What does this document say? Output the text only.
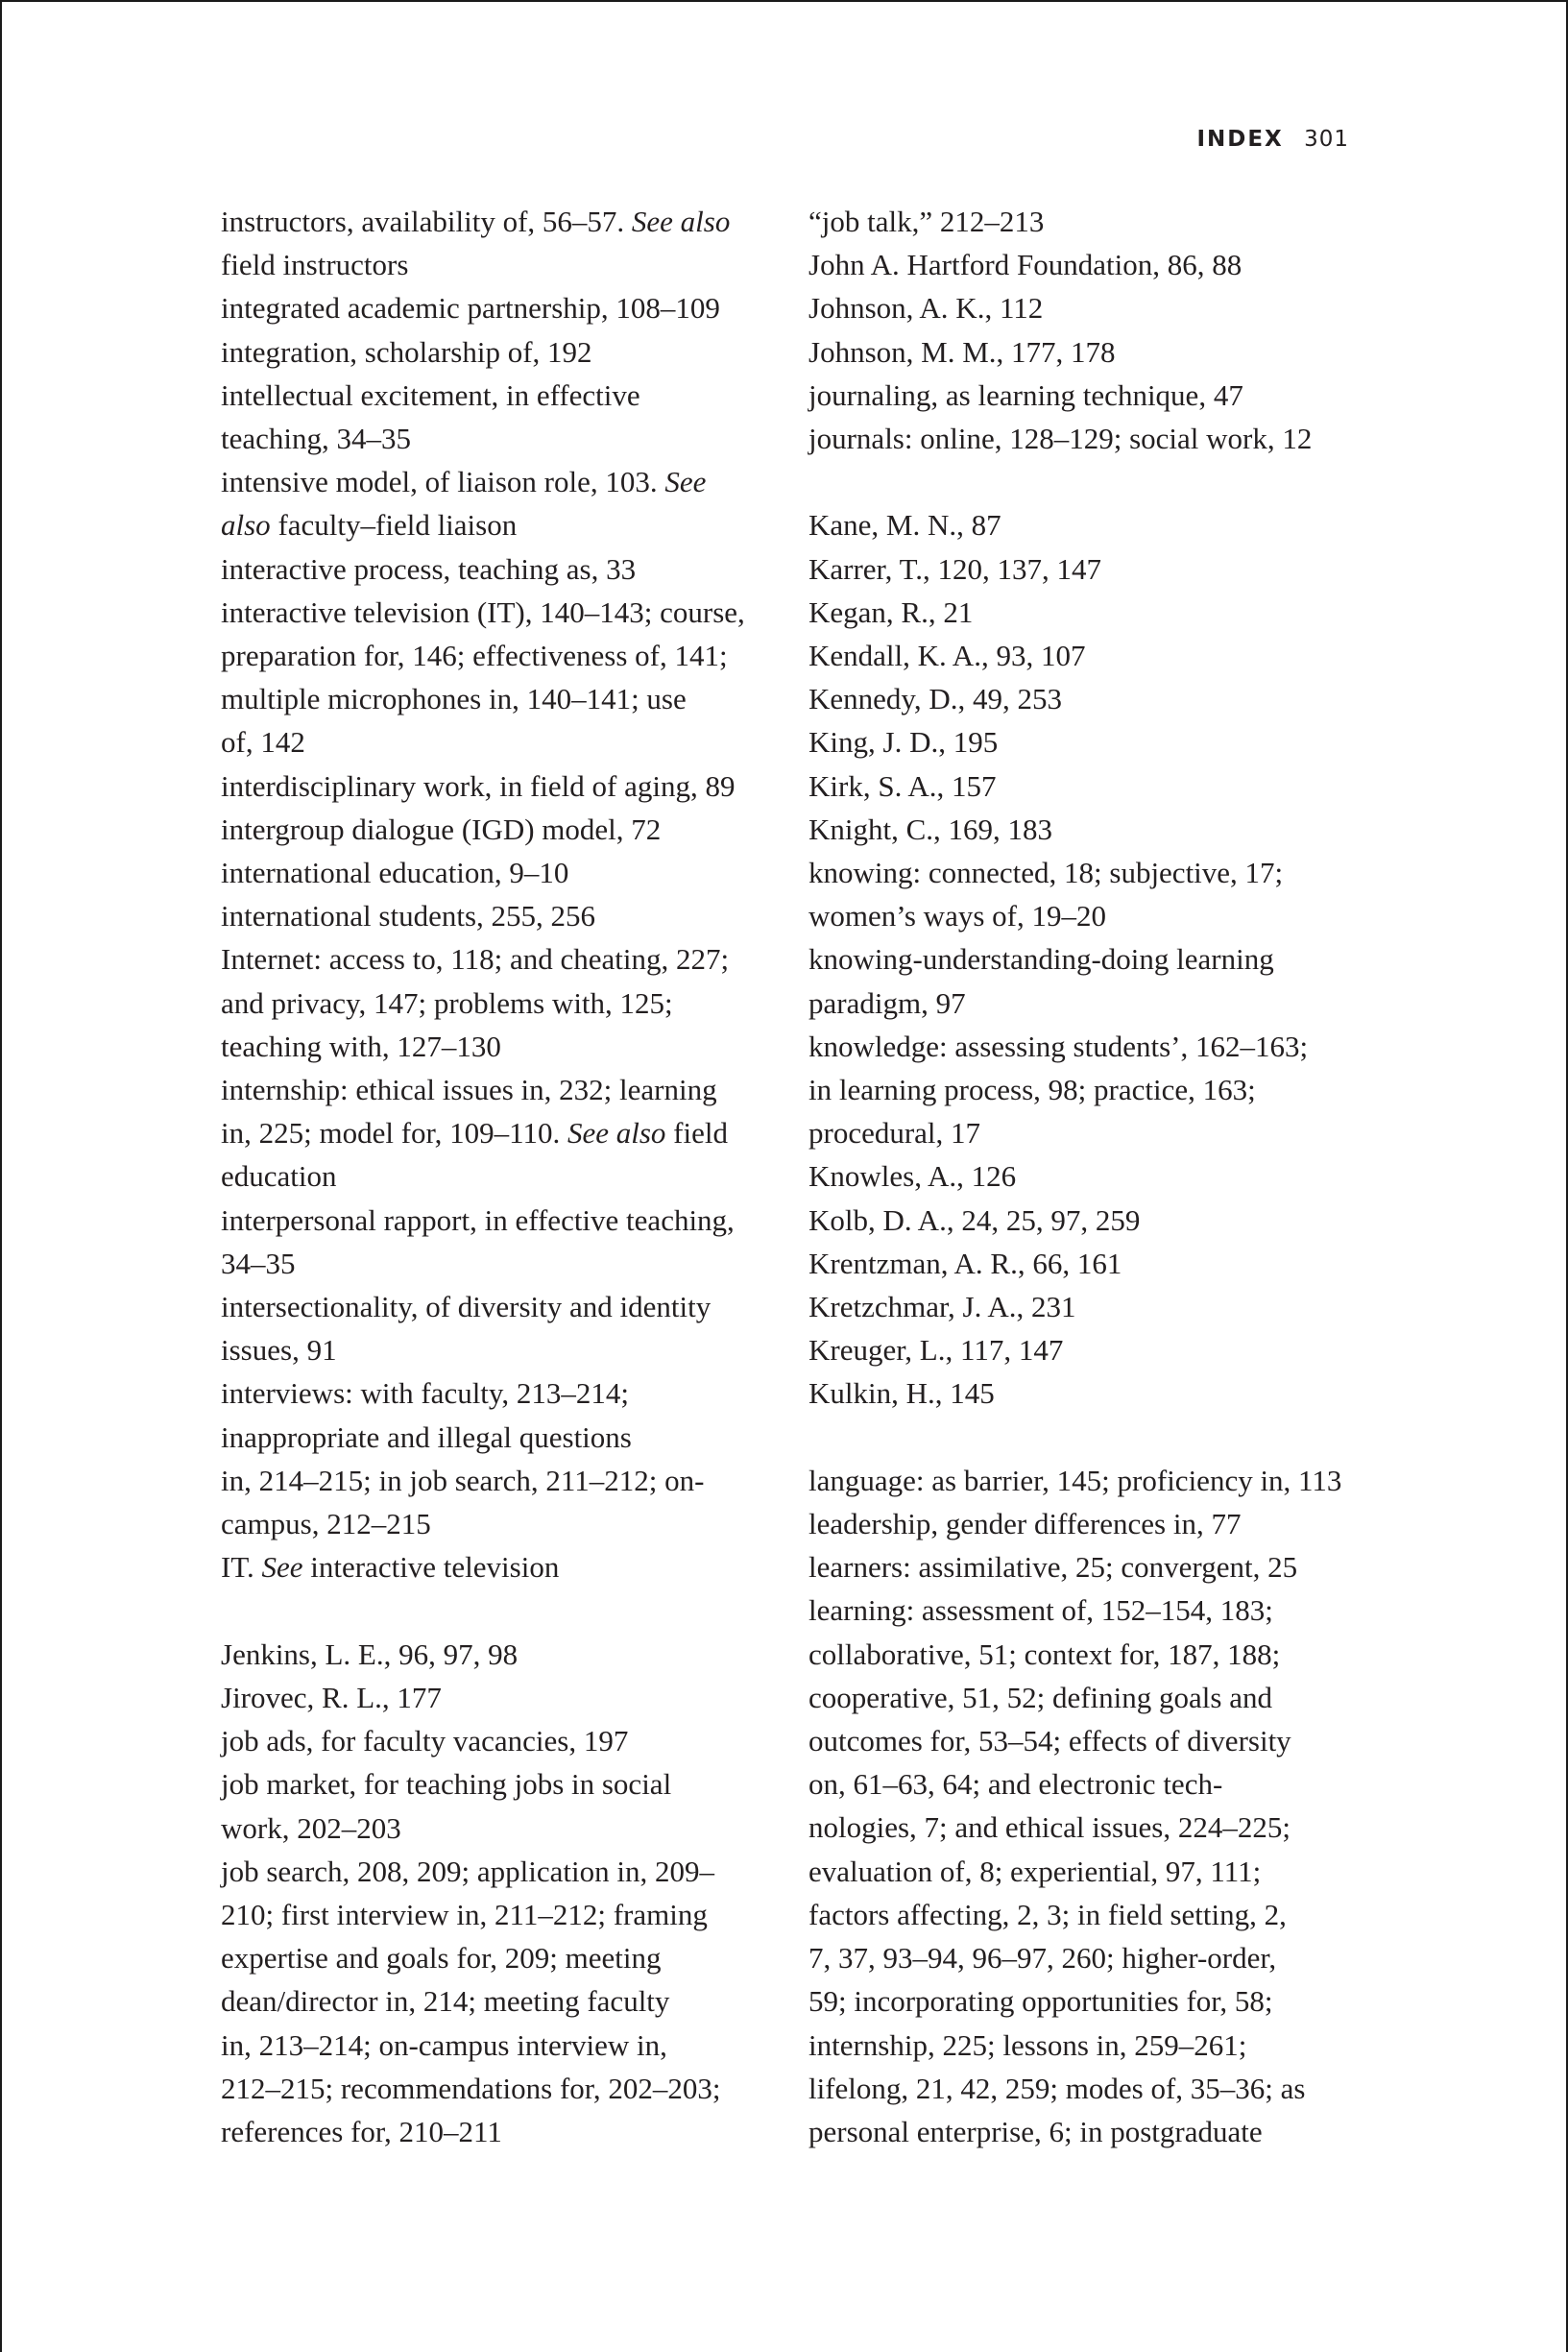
INDEX 301
instructors, availability of, 56–57. See also
field instructors
integrated academic partnership, 108–109
integration, scholarship of, 192
intellectual excitement, in effective
teaching, 34–35
intensive model, of liaison role, 103. See
also faculty–field liaison
interactive process, teaching as, 33
interactive television (IT), 140–143; course,
preparation for, 146; effectiveness of, 141;
multiple microphones in, 140–141; use
of, 142
interdisciplinary work, in field of aging, 89
intergroup dialogue (IGD) model, 72
international education, 9–10
international students, 255, 256
Internet: access to, 118; and cheating, 227;
and privacy, 147; problems with, 125;
teaching with, 127–130
internship: ethical issues in, 232; learning
in, 225; model for, 109–110. See also field
education
interpersonal rapport, in effective teaching,
34–35
intersectionality, of diversity and identity
issues, 91
interviews: with faculty, 213–214;
inappropriate and illegal questions
in, 214–215; in job search, 211–212; on-
campus, 212–215
IT. See interactive television
Jenkins, L. E., 96, 97, 98
Jirovec, R. L., 177
job ads, for faculty vacancies, 197
job market, for teaching jobs in social
work, 202–203
job search, 208, 209; application in, 209–
210; first interview in, 211–212; framing
expertise and goals for, 209; meeting
dean/director in, 214; meeting faculty
in, 213–214; on-campus interview in,
212–215; recommendations for, 202–203;
references for, 210–211
“job talk,” 212–213
John A. Hartford Foundation, 86, 88
Johnson, A. K., 112
Johnson, M. M., 177, 178
journaling, as learning technique, 47
journals: online, 128–129; social work, 12
Kane, M. N., 87
Karrer, T., 120, 137, 147
Kegan, R., 21
Kendall, K. A., 93, 107
Kennedy, D., 49, 253
King, J. D., 195
Kirk, S. A., 157
Knight, C., 169, 183
knowing: connected, 18; subjective, 17;
women’s ways of, 19–20
knowing-understanding-doing learning
paradigm, 97
knowledge: assessing students’, 162–163;
in learning process, 98; practice, 163;
procedural, 17
Knowles, A., 126
Kolb, D. A., 24, 25, 97, 259
Krentzman, A. R., 66, 161
Kretzchmar, J. A., 231
Kreuger, L., 117, 147
Kulkin, H., 145
language: as barrier, 145; proficiency in, 113
leadership, gender differences in, 77
learners: assimilative, 25; convergent, 25
learning: assessment of, 152–154, 183;
collaborative, 51; context for, 187, 188;
cooperative, 51, 52; defining goals and
outcomes for, 53–54; effects of diversity
on, 61–63, 64; and electronic tech-
nologies, 7; and ethical issues, 224–225;
evaluation of, 8; experiential, 97, 111;
factors affecting, 2, 3; in field setting, 2,
7, 37, 93–94, 96–97, 260; higher-order,
59; incorporating opportunities for, 58;
internship, 225; lessons in, 259–261;
lifelong, 21, 42, 259; modes of, 35–36; as
personal enterprise, 6; in postgraduate
